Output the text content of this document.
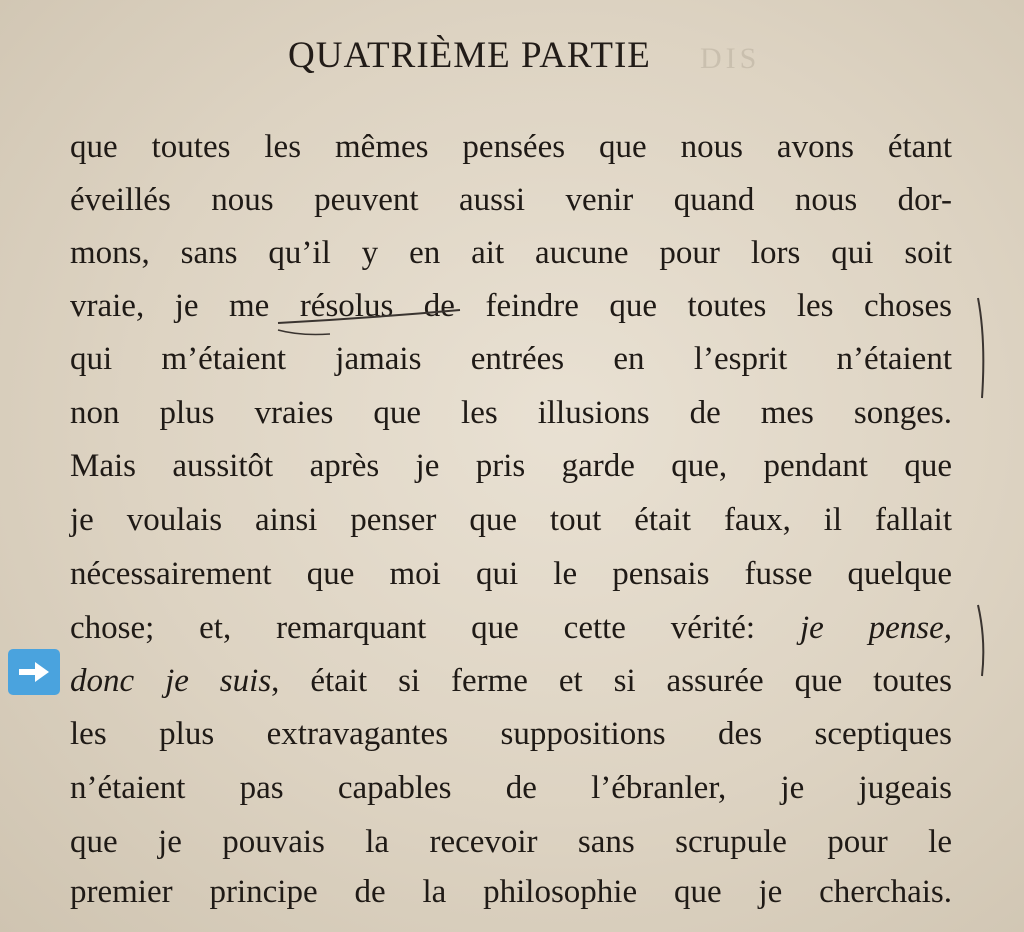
DIS
QUATRIÈME PARTIE
que toutes les mêmes pensées que nous avons étant
éveillés nous peuvent aussi venir quand nous dor-
mons, sans qu’il y en ait aucune pour lors qui soit
vraie, je me résolus de feindre que toutes les choses
qui m’étaient jamais entrées en l’esprit n’étaient
non plus vraies que les illusions de mes songes.
Mais aussitôt après je pris garde que, pendant que
je voulais ainsi penser que tout était faux, il fallait
nécessairement que moi qui le pensais fusse quelque
chose; et, remarquant que cette vérité: je pense,
donc je suis, était si ferme et si assurée que toutes
les plus extravagantes suppositions des sceptiques
n’étaient pas capables de l’ébranler, je jugeais
que je pouvais la recevoir sans scrupule pour le
premier principe de la philosophie que je cherchais.
